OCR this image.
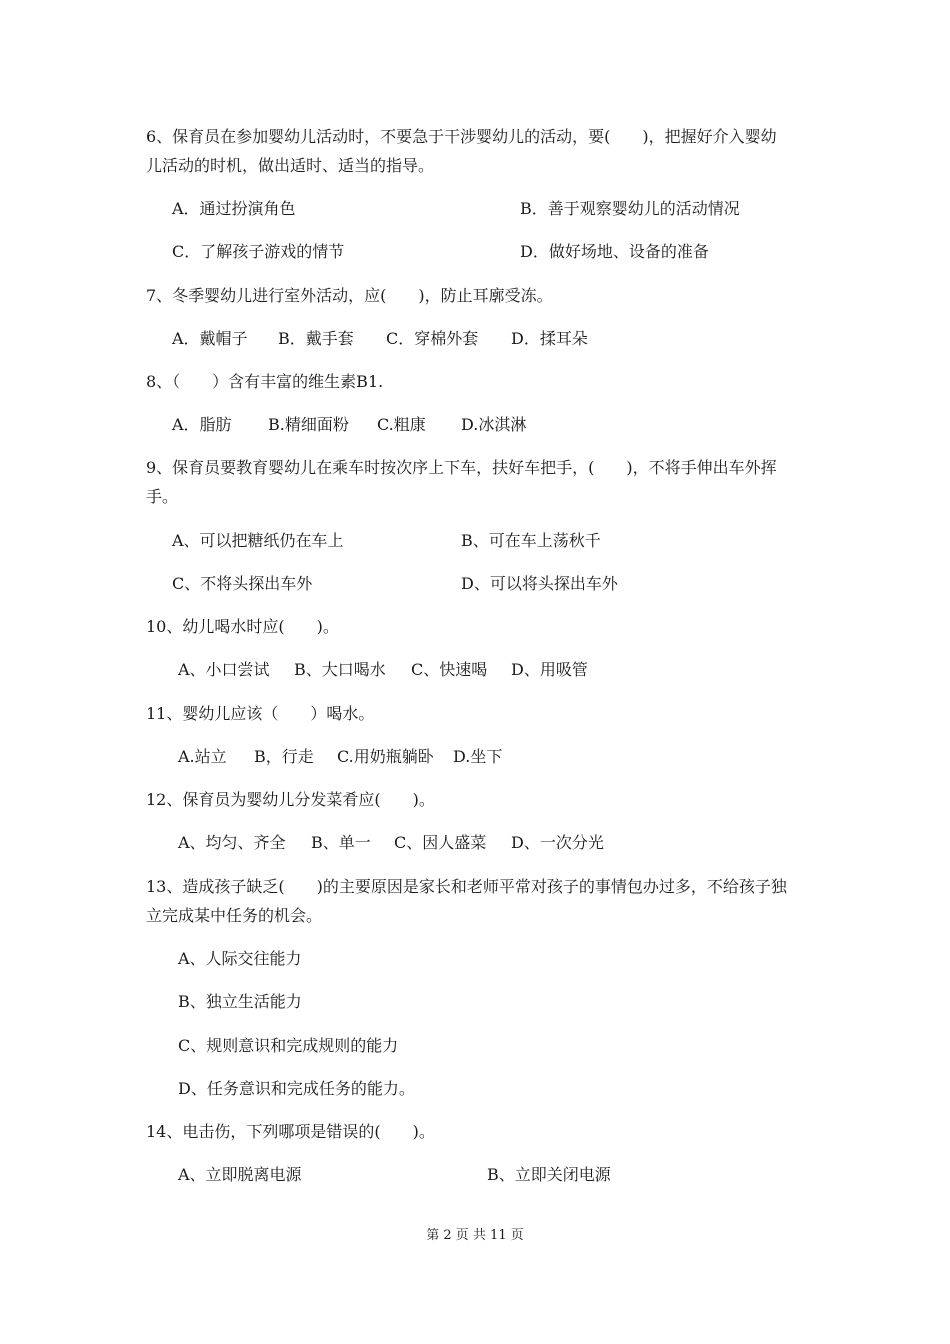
6、保育员在参加婴幼儿活动时，不要急于干涉婴幼儿的活动，要(　　)，把握好介入婴幼
儿活动的时机，做出适时、适当的指导。
A．通过扮演角色	B．善于观察婴幼儿的活动情况
C．了解孩子游戏的情节	D．做好场地、设备的准备
7、冬季婴幼儿进行室外活动，应(　　)，防止耳廓受冻。
A．戴帽子 B．戴手套 C．穿棉外套 D．揉耳朵
8、（　　）含有丰富的维生素B1.
A．脂肪 B.精细面粉 C.粗康 D.冰淇淋
9、保育员要教育婴幼儿在乘车时按次序上下车，扶好车把手，(　　)，不将手伸出车外挥
手。
A、可以把糖纸仍在车上	B、可在车上荡秋千
C、不将头探出车外	D、可以将头探出车外
10、幼儿喝水时应(　　)。
A、小口尝试 B、大口喝水 C、快速喝 D、用吸管
11、婴幼儿应该（　　）喝水。
A.站立 B，行走 C.用奶瓶躺卧 D.坐下
12、保育员为婴幼儿分发菜肴应(　　)。
A、均匀、齐全 B、单一 C、因人盛菜 D、一次分光
13、造成孩子缺乏(　　)的主要原因是家长和老师平常对孩子的事情包办过多，不给孩子独
立完成某中任务的机会。
A、人际交往能力
B、独立生活能力
C、规则意识和完成规则的能力
D、任务意识和完成任务的能力。
14、电击伤，下列哪项是错误的(　　)。
A、立即脱离电源	B、立即关闭电源
第 2 页 共 11 页
